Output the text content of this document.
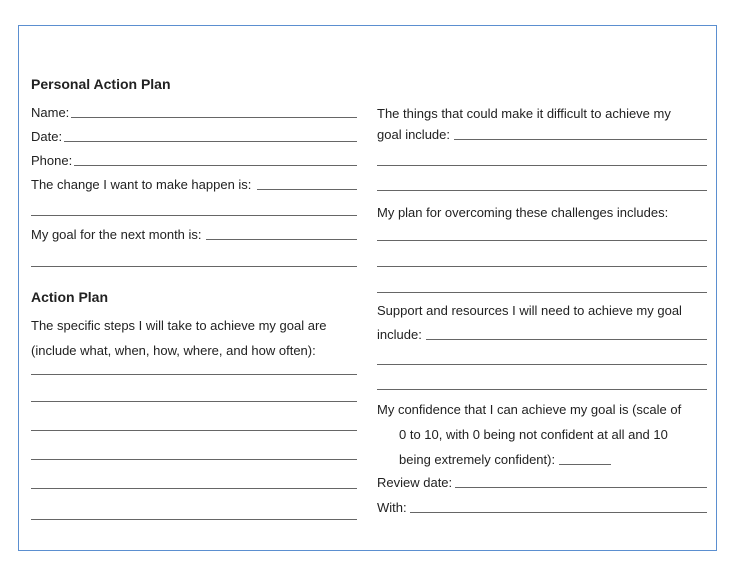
Personal Action Plan
Name:
Date:
Phone:
The change I want to make happen is:
My goal for the next month is:
Action Plan
The specific steps I will take to achieve my goal are
(include what, when, how, where, and how often):
The things that could make it difficult to achieve my
goal include:
My plan for overcoming these challenges includes:
Support and resources I will need to achieve my goal
include:
My confidence that I can achieve my goal is (scale of
0 to 10, with 0 being not confident at all and 10
being extremely confident):
Review date:
With:
